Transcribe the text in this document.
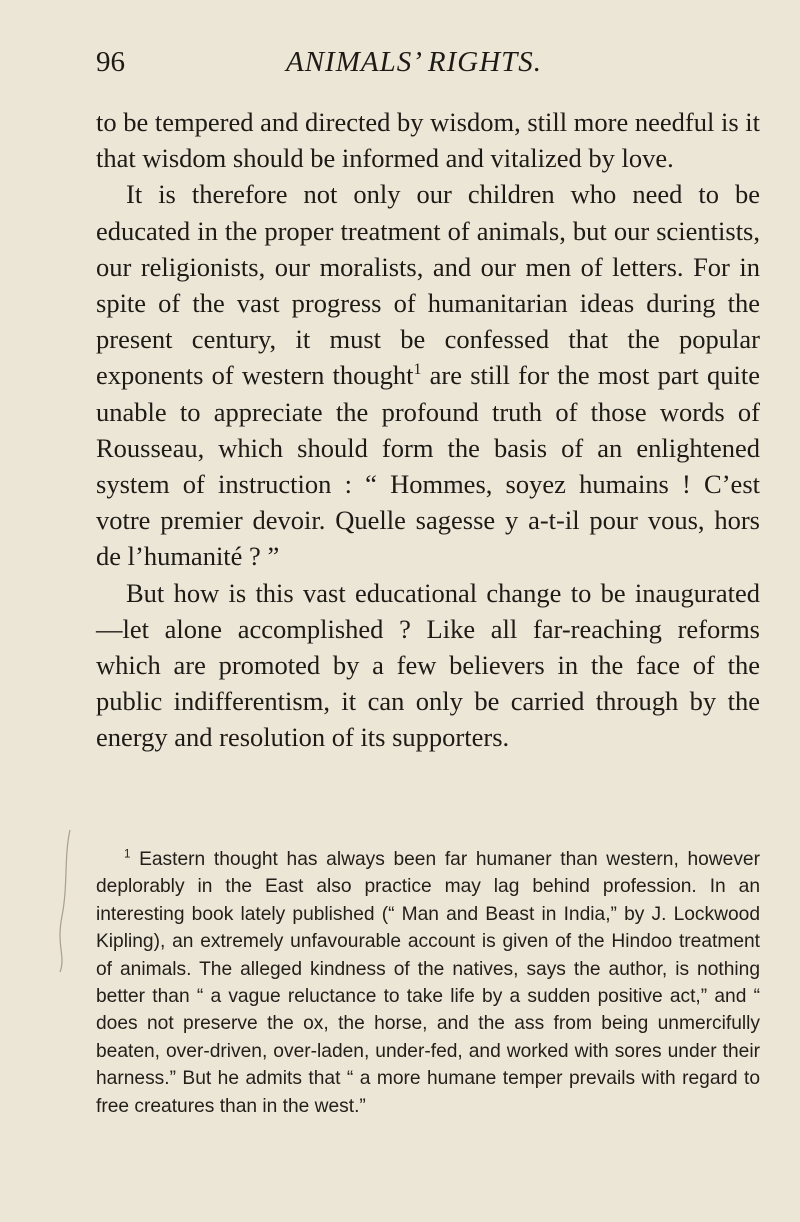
96	ANIMALS’ RIGHTS.

to be tempered and directed by wisdom, still more needful is it that wisdom should be informed and vitalized by love.

It is therefore not only our children who need to be educated in the proper treatment of animals, but our scientists, our religionists, our moralists, and our men of letters. For in spite of the vast progress of humanitarian ideas during the present century, it must be confessed that the popular exponents of western thought$^1$ are still for the most part quite unable to appreciate the profound truth of those words of Rousseau, which should form the basis of an enlightened system of instruction : “ Hommes, soyez humains ! C’est votre premier devoir. Quelle sagesse y a-t-il pour vous, hors de l’humanité ? ”

But how is this vast educational change to be inaugurated—let alone accomplished ? Like all far-reaching reforms which are promoted by a few believers in the face of the public indifferentism, it can only be carried through by the energy and resolution of its supporters.

$^1$ Eastern thought has always been far humaner than western, however deplorably in the East also practice may lag behind profession. In an interesting book lately published (“ Man and Beast in India,” by J. Lockwood Kipling), an extremely unfavourable account is given of the Hindoo treatment of animals. The alleged kindness of the natives, says the author, is nothing better than “ a vague reluctance to take life by a sudden positive act,” and “ does not preserve the ox, the horse, and the ass from being unmercifully beaten, over-driven, over-laden, under-fed, and worked with sores under their harness.” But he admits that “ a more humane temper prevails with regard to free creatures than in the west.”
